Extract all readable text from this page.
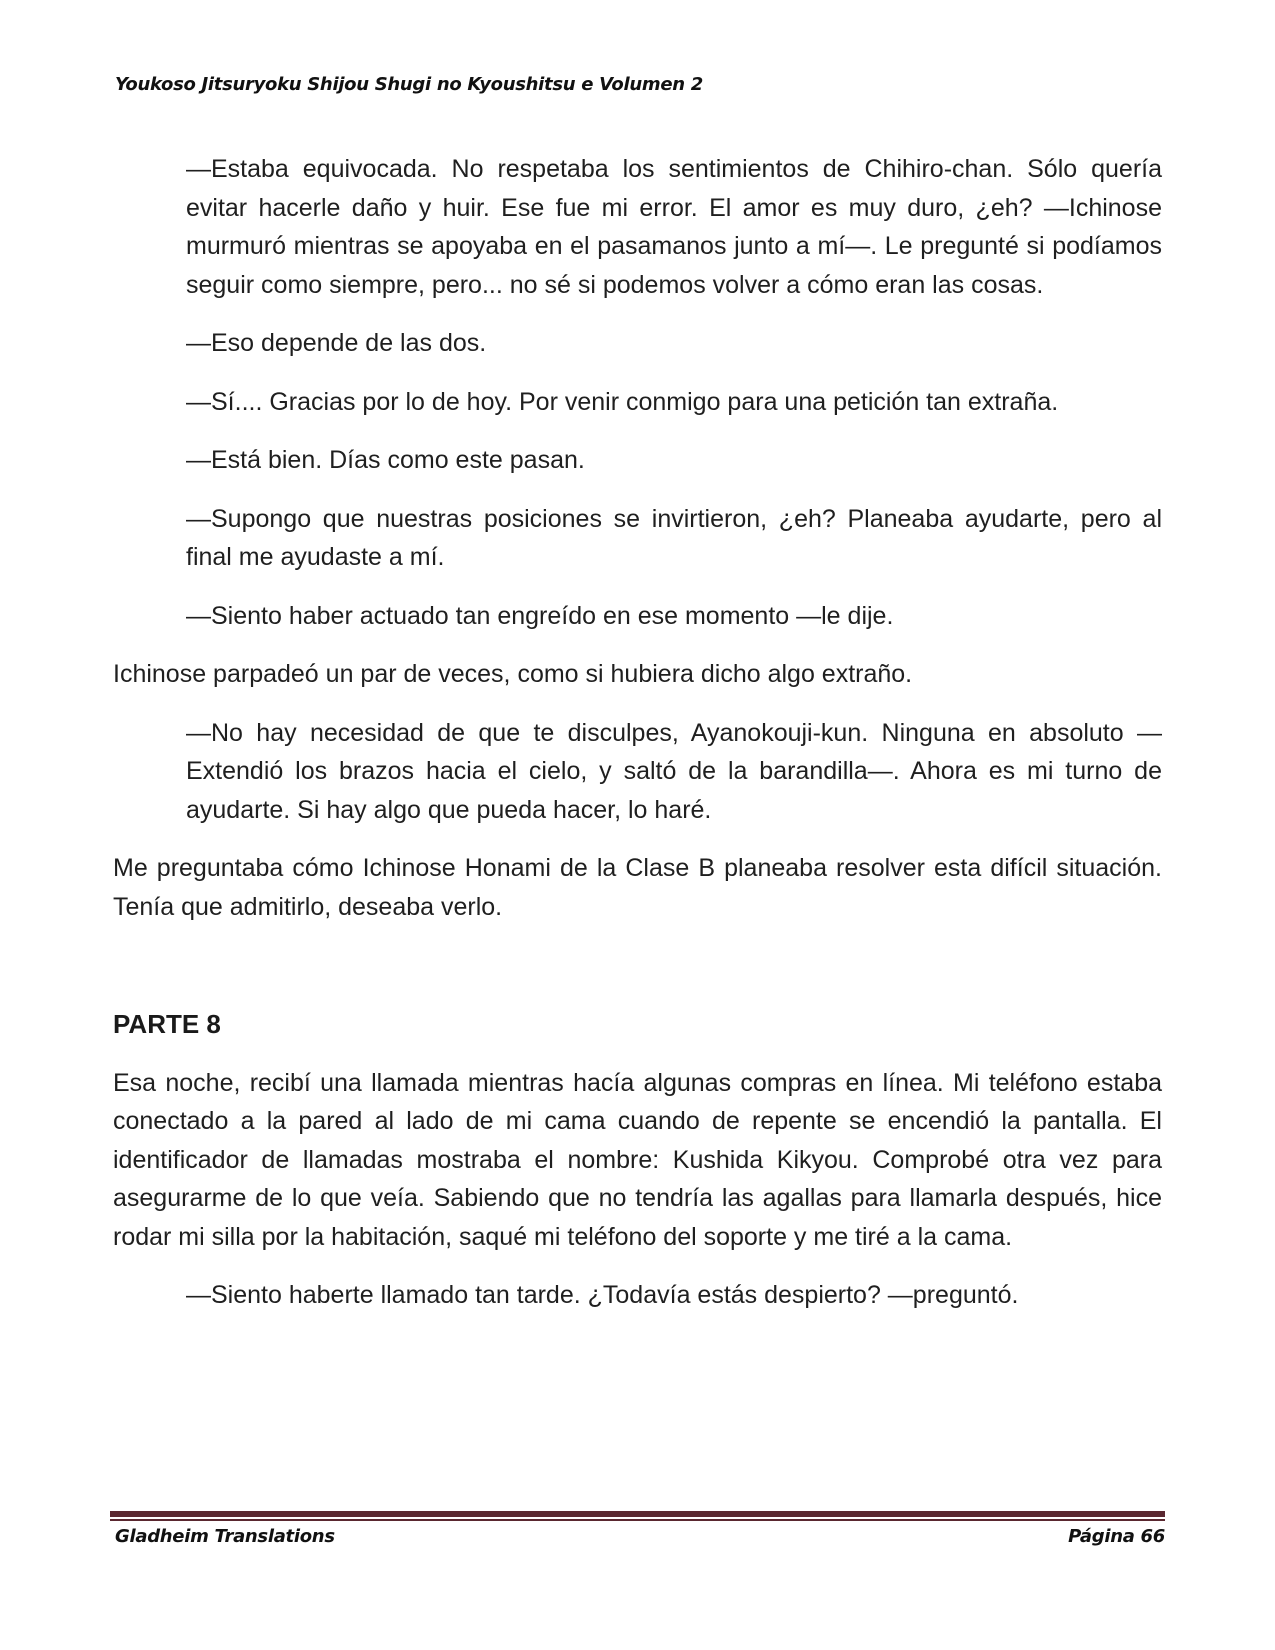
Youkoso Jitsuryoku Shijou Shugi no Kyoushitsu e Volumen 2

—Estaba equivocada. No respetaba los sentimientos de Chihiro-chan. Sólo quería evitar hacerle daño y huir. Ese fue mi error. El amor es muy duro, ¿eh? —Ichinose murmuró mientras se apoyaba en el pasamanos junto a mí—. Le pregunté si podíamos seguir como siempre, pero... no sé si podemos volver a cómo eran las cosas.

—Eso depende de las dos.

—Sí.... Gracias por lo de hoy. Por venir conmigo para una petición tan extraña.

—Está bien. Días como este pasan.

—Supongo que nuestras posiciones se invirtieron, ¿eh? Planeaba ayudarte, pero al final me ayudaste a mí.

—Siento haber actuado tan engreído en ese momento —le dije.

Ichinose parpadeó un par de veces, como si hubiera dicho algo extraño.

—No hay necesidad de que te disculpes, Ayanokouji-kun. Ninguna en absoluto —Extendió los brazos hacia el cielo, y saltó de la barandilla—. Ahora es mi turno de ayudarte. Si hay algo que pueda hacer, lo haré.

Me preguntaba cómo Ichinose Honami de la Clase B planeaba resolver esta difícil situación. Tenía que admitirlo, deseaba verlo.

PARTE 8

Esa noche, recibí una llamada mientras hacía algunas compras en línea. Mi teléfono estaba conectado a la pared al lado de mi cama cuando de repente se encendió la pantalla. El identificador de llamadas mostraba el nombre: Kushida Kikyou. Comprobé otra vez para asegurarme de lo que veía. Sabiendo que no tendría las agallas para llamarla después, hice rodar mi silla por la habitación, saqué mi teléfono del soporte y me tiré a la cama.

—Siento haberte llamado tan tarde. ¿Todavía estás despierto? —preguntó.

Gladheim Translations	Página 66
